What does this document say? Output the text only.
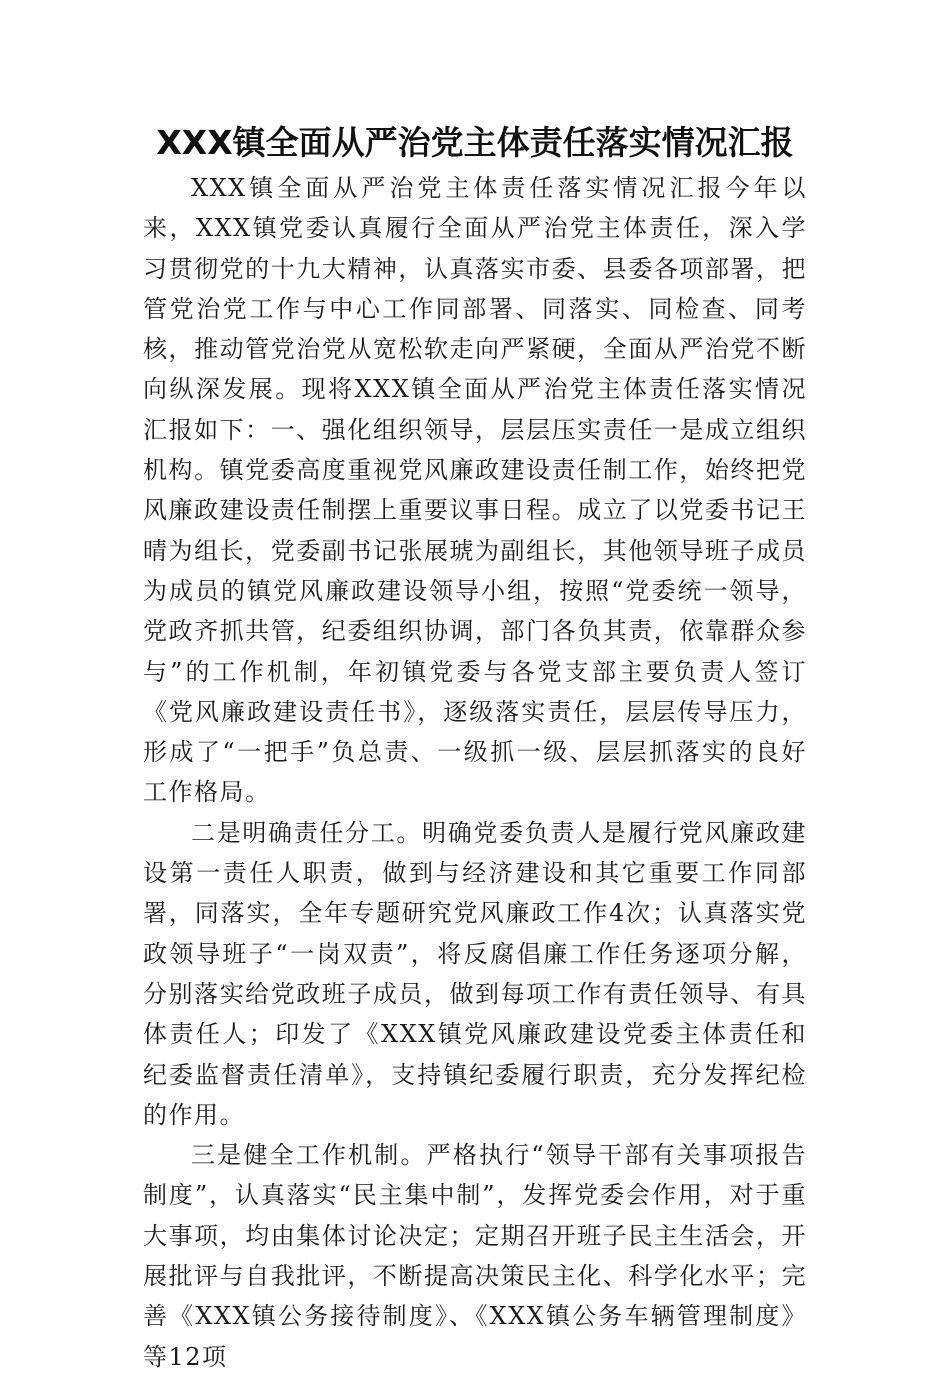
XXX镇全面从严治党主体责任落实情况汇报

XXX镇全面从严治党主体责任落实情况汇报今年以来，XXX镇党委认真履行全面从严治党主体责任，深入学习贯彻党的十九大精神，认真落实市委、县委各项部署，把管党治党工作与中心工作同部署、同落实、同检查、同考核，推动管党治党从宽松软走向严紧硬，全面从严治党不断向纵深发展。现将XXX镇全面从严治党主体责任落实情况汇报如下：一、强化组织领导，层层压实责任一是成立组织机构。镇党委高度重视党风廉政建设责任制工作，始终把党风廉政建设责任制摆上重要议事日程。成立了以党委书记王晴为组长，党委副书记张展琥为副组长，其他领导班子成员为成员的镇党风廉政建设领导小组，按照“党委统一领导，党政齐抓共管，纪委组织协调，部门各负其责，依靠群众参与”的工作机制，年初镇党委与各党支部主要负责人签订《党风廉政建设责任书》，逐级落实责任，层层传导压力，形成了“一把手”负总责、一级抓一级、层层抓落实的良好工作格局。

二是明确责任分工。明确党委负责人是履行党风廉政建设第一责任人职责，做到与经济建设和其它重要工作同部署，同落实，全年专题研究党风廉政工作4次；认真落实党政领导班子“一岗双责”，将反腐倡廉工作任务逐项分解，分别落实给党政班子成员，做到每项工作有责任领导、有具体责任人；印发了《XXX镇党风廉政建设党委主体责任和纪委监督责任清单》，支持镇纪委履行职责，充分发挥纪检的作用。

三是健全工作机制。严格执行“领导干部有关事项报告制度”，认真落实“民主集中制”，发挥党委会作用，对于重大事项，均由集体讨论决定；定期召开班子民主生活会，开展批评与自我批评，不断提高决策民主化、科学化水平；完善《XXX镇公务接待制度》、《XXX镇公务车辆管理制度》等12项
